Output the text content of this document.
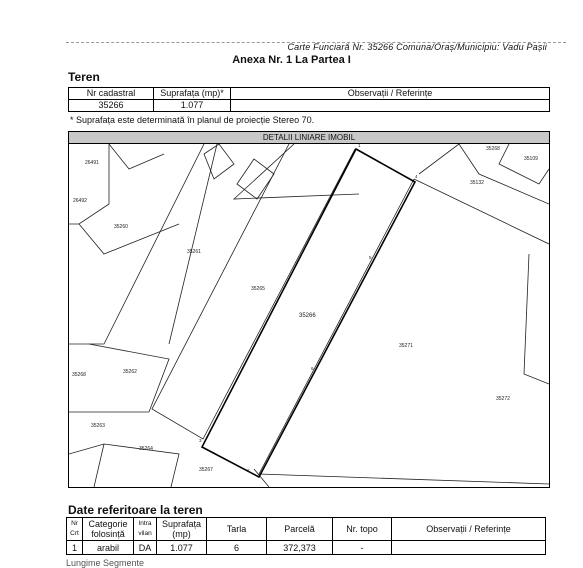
Carte Funciară Nr. 35266 Comuna/Oraș/Municipiu: Vadu Pașii
Anexa Nr. 1 La Partea I
Teren
Nr cadastral	Suprafața (mp)*	Observații / Referințe
35266	1.077	
* Suprafața este determinată în planul de proiecție Stereo 70.
DETALII LINIARE IMOBIL
26491
26492
35260
35261
35265
35266
35271
35272
35268	35262
35263
35264
35267
35268
35109
35132
1
2
3
4
5
6
Date referitoare la teren
Nr Crt	Categorie folosință	Intra vilan	Suprafața (mp)	Tarla	Parcelă	Nr. topo	Observații / Referințe
1	arabil	DA	1.077	6	372,373	-	
Lungime Segmente
